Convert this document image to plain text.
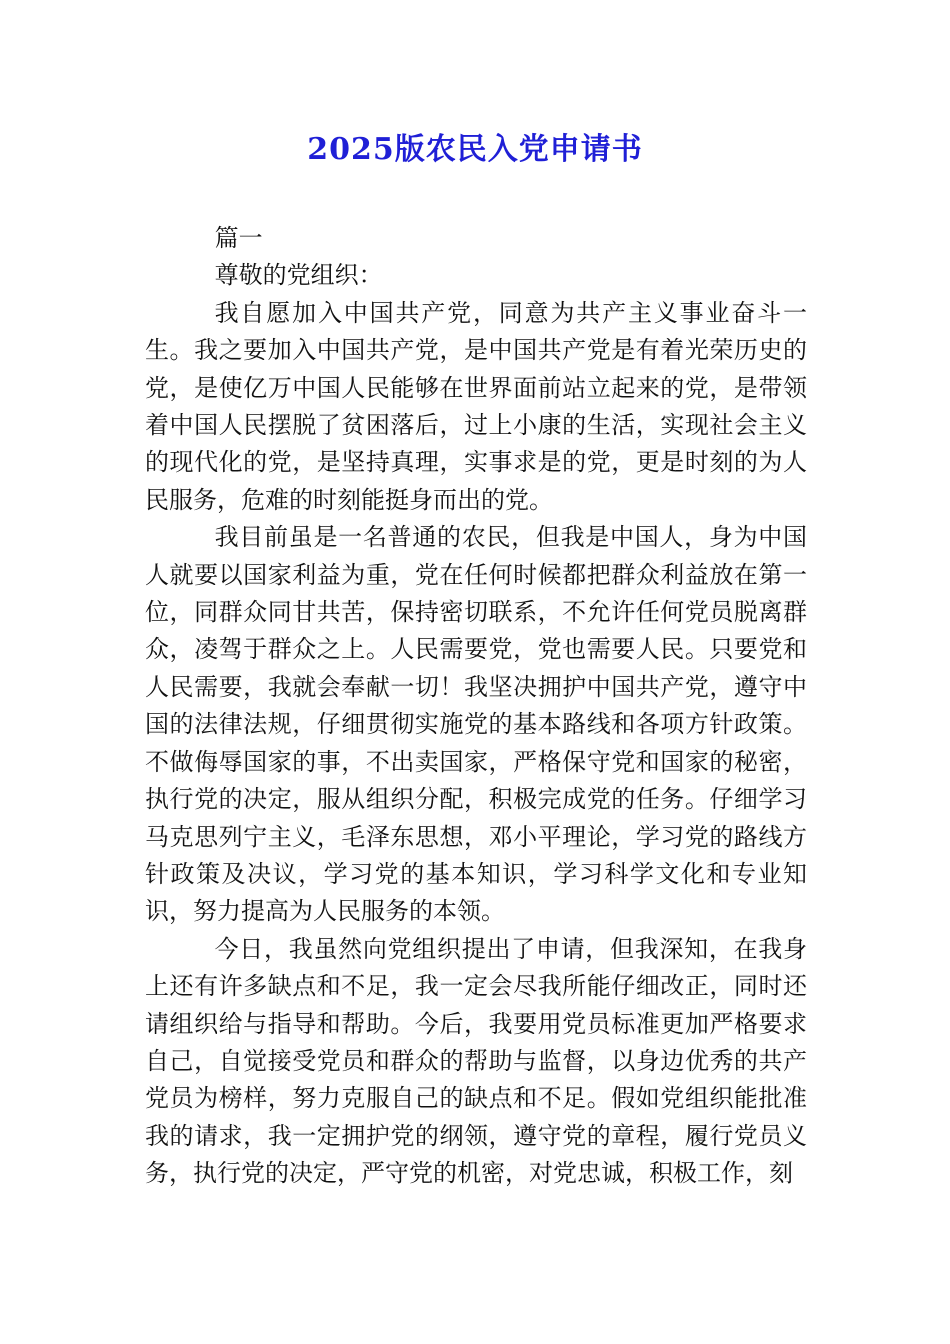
2025版农民入党申请书

篇一

尊敬的党组织：

我自愿加入中国共产党，同意为共产主义事业奋斗一生。我之要加入中国共产党，是中国共产党是有着光荣历史的党，是使亿万中国人民能够在世界面前站立起来的党，是带领着中国人民摆脱了贫困落后，过上小康的生活，实现社会主义的现代化的党，是坚持真理，实事求是的党，更是时刻的为人民服务，危难的时刻能挺身而出的党。

我目前虽是一名普通的农民，但我是中国人，身为中国人就要以国家利益为重，党在任何时候都把群众利益放在第一位，同群众同甘共苦，保持密切联系，不允许任何党员脱离群众，凌驾于群众之上。人民需要党，党也需要人民。只要党和人民需要，我就会奉献一切！我坚决拥护中国共产党，遵守中国的法律法规，仔细贯彻实施党的基本路线和各项方针政策。不做侮辱国家的事，不出卖国家，严格保守党和国家的秘密，执行党的决定，服从组织分配，积极完成党的任务。仔细学习马克思列宁主义，毛泽东思想，邓小平理论，学习党的路线方针政策及决议，学习党的基本知识，学习科学文化和专业知识，努力提高为人民服务的本领。

今日，我虽然向党组织提出了申请，但我深知，在我身上还有许多缺点和不足，我一定会尽我所能仔细改正，同时还请组织给与指导和帮助。今后，我要用党员标准更加严格要求自己，自觉接受党员和群众的帮助与监督，以身边优秀的共产党员为榜样，努力克服自己的缺点和不足。假如党组织能批准我的请求，我一定拥护党的纲领，遵守党的章程，履行党员义务，执行党的决定，严守党的机密，对党忠诚，积极工作，刻
